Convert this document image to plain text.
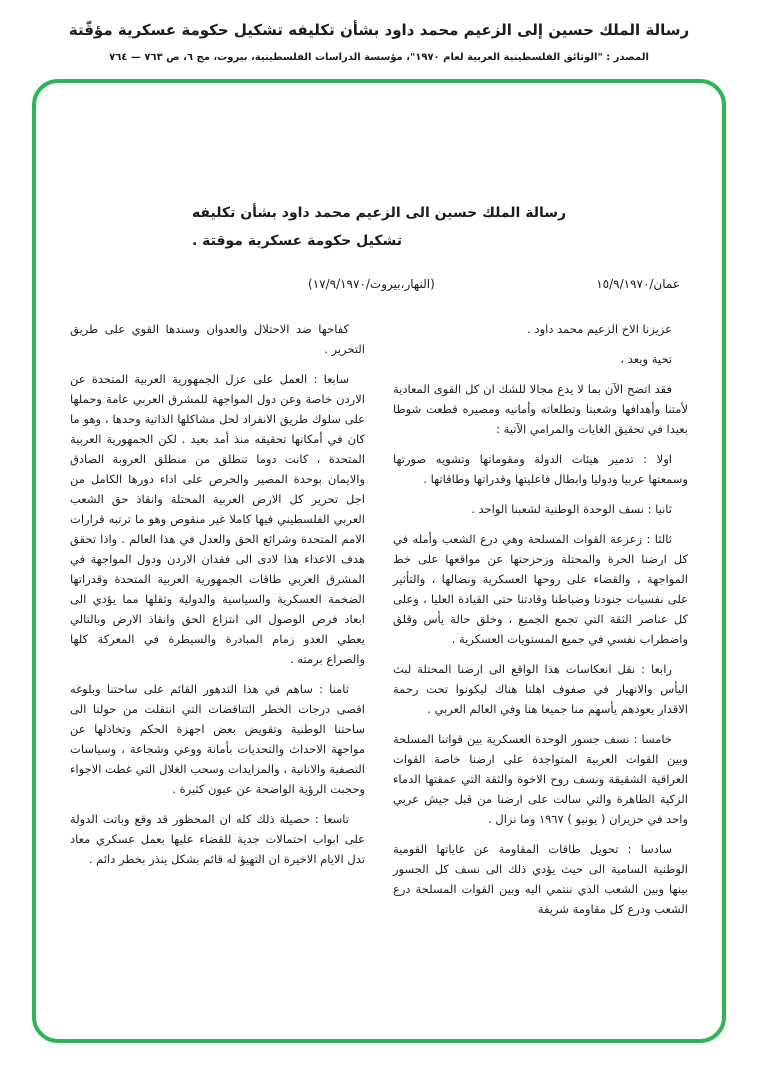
رسالة الملك حسين إلى الزعيم محمد داود بشأن تكليفه تشكيل حكومة عسكرية مؤقّتة
المصدر : "الوثائق الفلسطينية العربية لعام ١٩٧٠"، مؤسسة الدراسات الفلسطينية، بيروت، مج ٦، ص ٧٦٣ — ٧٦٤
رسالة الملك حسين الى الزعيم محمد داود بشأن تكليفه
تشكيل حكومة عسكرية موقتة .
عمان/١٥/٩/١٩٧٠
(النهار،بيروت/١٧/٩/١٩٧٠)

عزيزنا الاخ الزعيم محمد داود .

تحية وبعد ،

فقد اتضح الآن بما لا يدع مجالا للشك ان كل القوى المعادية لأمتنا وأهدافها وشعبنا وتطلعاته وأمانيه ومصيره قطعت شوطا بعيدا في تحقيق الغايات والمرامي الآتية :

اولا : تدمير هيئات الدولة ومقوماتها وتشويه صورتها وسمعتها عربيا ودوليا وابطال فاعليتها وقدراتها وطاقاتها .

ثانيا : نسف الوحدة الوطنية لشعبنا الواحد .

ثالثا : زعزعة القوات المسلحة وهي درع الشعب وأمله في كل ارضنا الحرة والمحتلة وزحزحتها عن مواقعها على خط المواجهة ، والقضاء على روحها العسكرية ونضالها ، والتأثير على نفسيات جنودنا وضباطنا وقادتنا حتى القيادة العليا ، وعلى كل عناصر الثقة التي تجمع الجميع ، وخلق حالة يأس وقلق واضطراب نفسي في جميع المستويات العسكرية .

رابعا : نقل انعكاسات هذا الواقع الى ارضنا المحتلة لبث اليأس والانهيار في صفوف اهلنا هناك ليكونوا تحت رحمة الاقدار يعودهم يأسهم منا جميعا هنا وفي العالم العربي .

خامسا : نسف جسور الوحدة العسكرية بين قواتنا المسلحة وبين القوات العربية المتواجدة على ارضنا خاصة القوات العراقية الشقيقة ونسف روح الاخوة والثقة التي عمقتها الدماء الزكية الطاهرة والتي سالت على ارضنا من قبل جيش عربي واحد في حزيران ( يونيو ) ١٩٦٧ وما نزال .

سادسا : تحويل طاقات المقاومة عن غاياتها القومية الوطنية السامية الى حيث يؤدي ذلك الى نسف كل الجسور بينها وبين الشعب الذي ننتمي اليه وبين القوات المسلحة درع الشعب ودرع كل مقاومة شريفة

كفاحها ضد الاحتلال والعدوان وسندها القوي على طريق التحرير .

سابعا : العمل على عزل الجمهورية العربية المتحدة عن الاردن خاصة وعن دول المواجهة للمشرق العربي عامة وحملها على سلوك طريق الانفراد لحل مشاكلها الذاتية وحدها ، وهو ما كان في أمكانها تحقيقه منذ أمد بعيد . لكن الجمهورية العربية المتحدة ، كانت دوما تنطلق من منطلق العروبة الصادق والايمان بوحدة المصير والحرص على اداء دورها الكامل من اجل تحرير كل الارض العربية المحتلة وانقاذ حق الشعب العربي الفلسطيني فيها كاملا غير منقوص وهو ما ترتبه قرارات الامم المتحدة وشرائع الحق والعدل في هذا العالم . واذا تحقق هدف الاعداء هذا لادى الى فقدان الاردن ودول المواجهة في المشرق العربي طاقات الجمهورية العربية المتحدة وقدراتها الضخمة العسكرية والسياسية والدولية وثقلها مما يؤدي الى ابعاد فرص الوصول الى انتزاع الحق وانقاذ الارض وبالتالي يعطي العدو زمام المبادرة والسيطرة في المعركة كلها والصراع برمته .

ثامنا : ساهم في هذا التدهور القائم على ساحتنا وبلوغه اقصى درجات الخطر التناقضات التي انتقلت من حولنا الى ساحتنا الوطنية وتقويض بعض اجهزة الحكم وتخاذلها عن مواجهة الاحداث والتحديات بأمانة ووعي وشجاعة ، وسياسات التصفية والانانية ، والمزايدات وسحب الغلال التي غطت الاجواء وحجبت الرؤية الواضحة عن عيون كثيرة .

تاسعا : حصيلة ذلك كله ان المحظور قد وقع وباتت الدولة على ابواب احتمالات جدية للقضاء عليها بعمل عسكري معاد تدل الايام الاخيرة ان التهيؤ له قائم بشكل ينذر بخطر دائم .
